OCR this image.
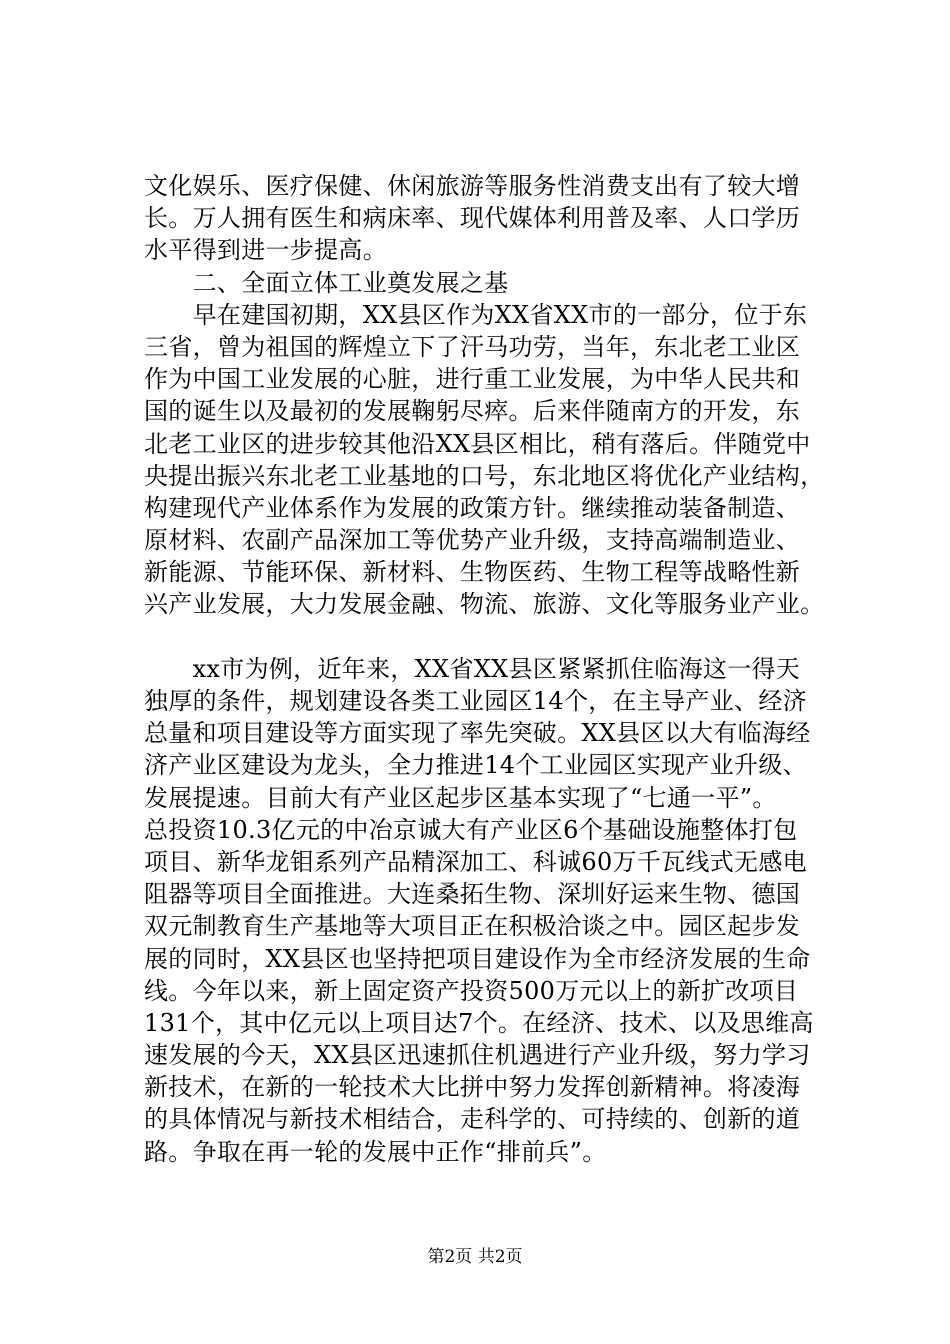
文化娱乐、医疗保健、休闲旅游等服务性消费支出有了较大增
长。万人拥有医生和病床率、现代媒体利用普及率、人口学历
水平得到进一步提高。
　　二、全面立体工业奠发展之基
　　早在建国初期，XX县区作为XX省XX市的一部分，位于东
三省，曾为祖国的辉煌立下了汗马功劳，当年，东北老工业区
作为中国工业发展的心脏，进行重工业发展，为中华人民共和
国的诞生以及最初的发展鞠躬尽瘁。后来伴随南方的开发，东
北老工业区的进步较其他沿XX县区相比，稍有落后。伴随党中
央提出振兴东北老工业基地的口号，东北地区将优化产业结构，
构建现代产业体系作为发展的政策方针。继续推动装备制造、
原材料、农副产品深加工等优势产业升级，支持高端制造业、
新能源、节能环保、新材料、生物医药、生物工程等战略性新
兴产业发展，大力发展金融、物流、旅游、文化等服务业产业。
　　xx市为例，近年来，XX省XX县区紧紧抓住临海这一得天
独厚的条件，规划建设各类工业园区14个，在主导产业、经济
总量和项目建设等方面实现了率先突破。XX县区以大有临海经
济产业区建设为龙头，全力推进14个工业园区实现产业升级、
发展提速。目前大有产业区起步区基本实现了“七通一平”。
总投资10.3亿元的中冶京诚大有产业区6个基础设施整体打包
项目、新华龙钼系列产品精深加工、科诚60万千瓦线式无感电
阻器等项目全面推进。大连桑拓生物、深圳好运来生物、德国
双元制教育生产基地等大项目正在积极洽谈之中。园区起步发
展的同时，XX县区也坚持把项目建设作为全市经济发展的生命
线。今年以来，新上固定资产投资500万元以上的新扩改项目
131个，其中亿元以上项目达7个。在经济、技术、以及思维高
速发展的今天，XX县区迅速抓住机遇进行产业升级，努力学习
新技术，在新的一轮技术大比拼中努力发挥创新精神。将凌海
的具体情况与新技术相结合，走科学的、可持续的、创新的道
路。争取在再一轮的发展中正作“排前兵”。
第2页 共2页
